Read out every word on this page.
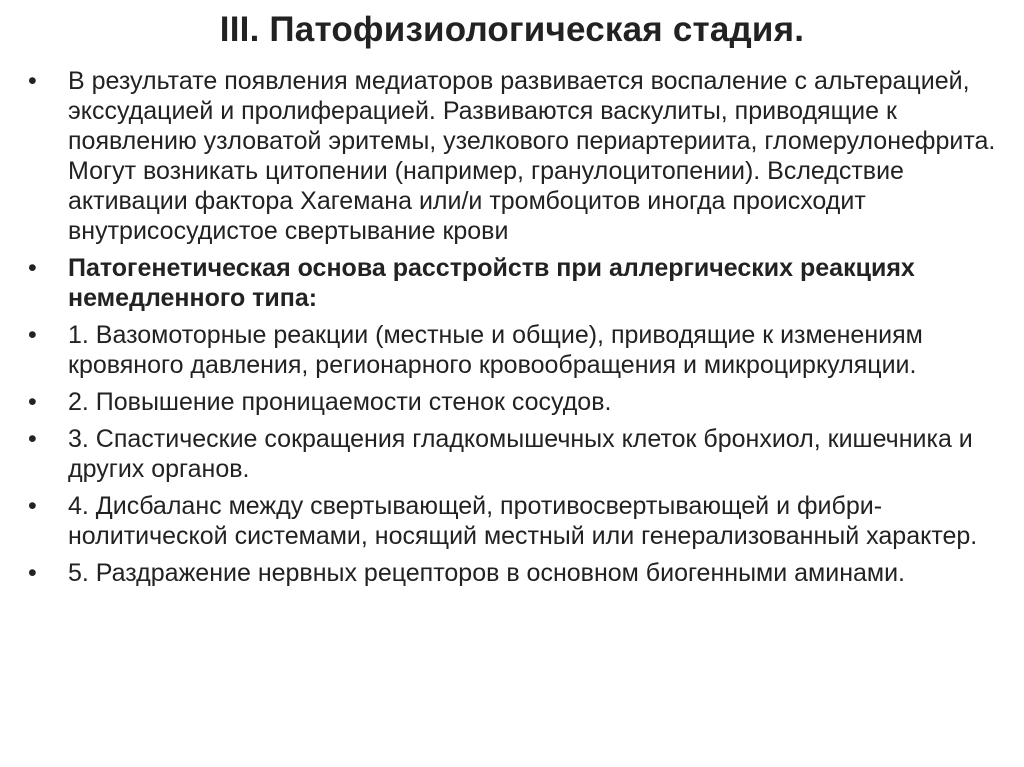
III. Патофизиологическая стадия.
•	В результате появления медиаторов развивается воспаление с альтерацией, экссудацией и пролиферацией. Развиваются васкулиты, приводящие к появлению узловатой эритемы, узелкового периартериита, гломерулонефрита. Могут возникать цитопении (например, гранулоцитопении). Вследствие активации фактора Хагемана или/и тромбоцитов иногда происходит внутрисосудистое свертывание крови
•	Патогенетическая основа расстройств при аллергических реакциях немедленного типа:
•	1. Вазомоторные реакции (местные и общие), приводящие к изменениям кровяного давления, регионарного кровообращения и микроциркуляции.
•	2. Повышение проницаемости стенок сосудов.
•	3. Спастические сокращения гладкомышечных клеток бронхиол, кишечника и других органов.
•	4. Дисбаланс между свертывающей, противосвертывающей и фибри-нолитической системами, носящий местный или генерализованный характер.
•	5. Раздражение нервных рецепторов в основном биогенными аминами.
